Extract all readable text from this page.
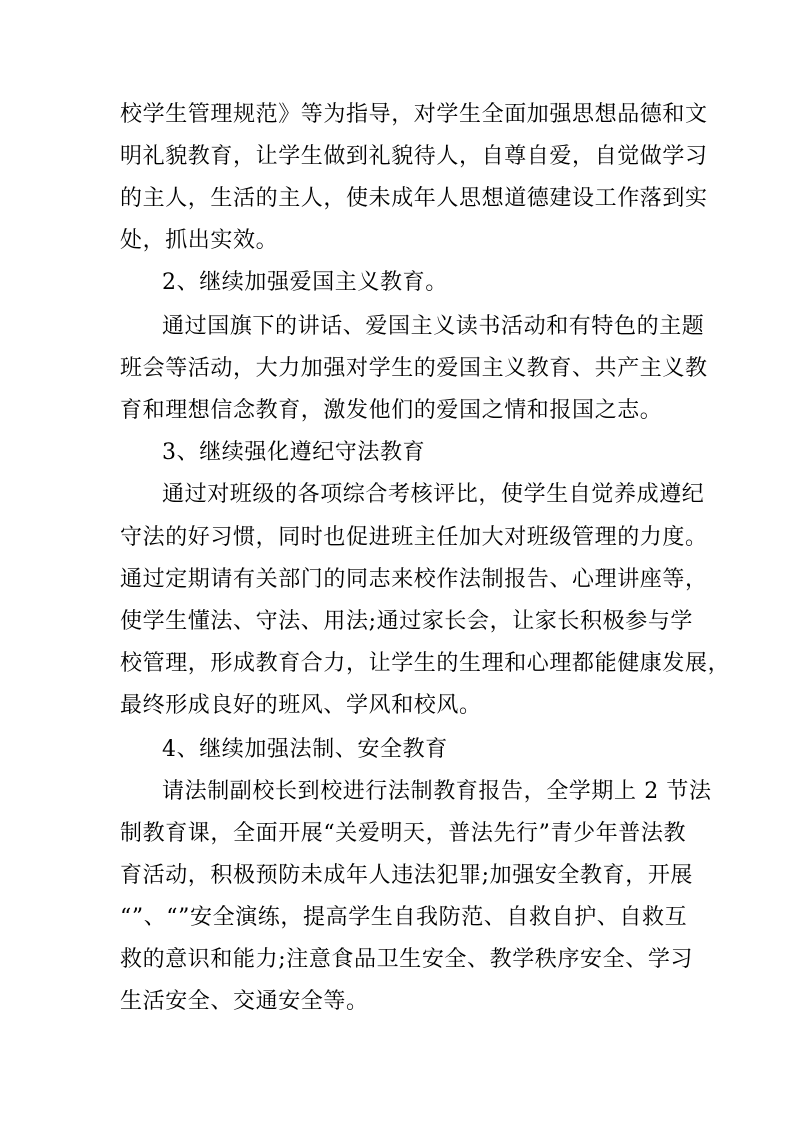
校学生管理规范》等为指导，对学生全面加强思想品德和文
明礼貌教育，让学生做到礼貌待人，自尊自爱，自觉做学习
的主人，生活的主人，使未成年人思想道德建设工作落到实
处，抓出实效。
2、继续加强爱国主义教育。
通过国旗下的讲话、爱国主义读书活动和有特色的主题
班会等活动，大力加强对学生的爱国主义教育、共产主义教
育和理想信念教育，激发他们的爱国之情和报国之志。
3、继续强化遵纪守法教育
通过对班级的各项综合考核评比，使学生自觉养成遵纪
守法的好习惯，同时也促进班主任加大对班级管理的力度。
通过定期请有关部门的同志来校作法制报告、心理讲座等，
使学生懂法、守法、用法;通过家长会，让家长积极参与学
校管理，形成教育合力，让学生的生理和心理都能健康发展，
最终形成良好的班风、学风和校风。
4、继续加强法制、安全教育
请法制副校长到校进行法制教育报告，全学期上 2 节法
制教育课，全面开展“关爱明天，普法先行”青少年普法教
育活动，积极预防未成年人违法犯罪;加强安全教育，开展
“”、“”安全演练，提高学生自我防范、自救自护、自救互
救的意识和能力;注意食品卫生安全、教学秩序安全、学习
生活安全、交通安全等。
